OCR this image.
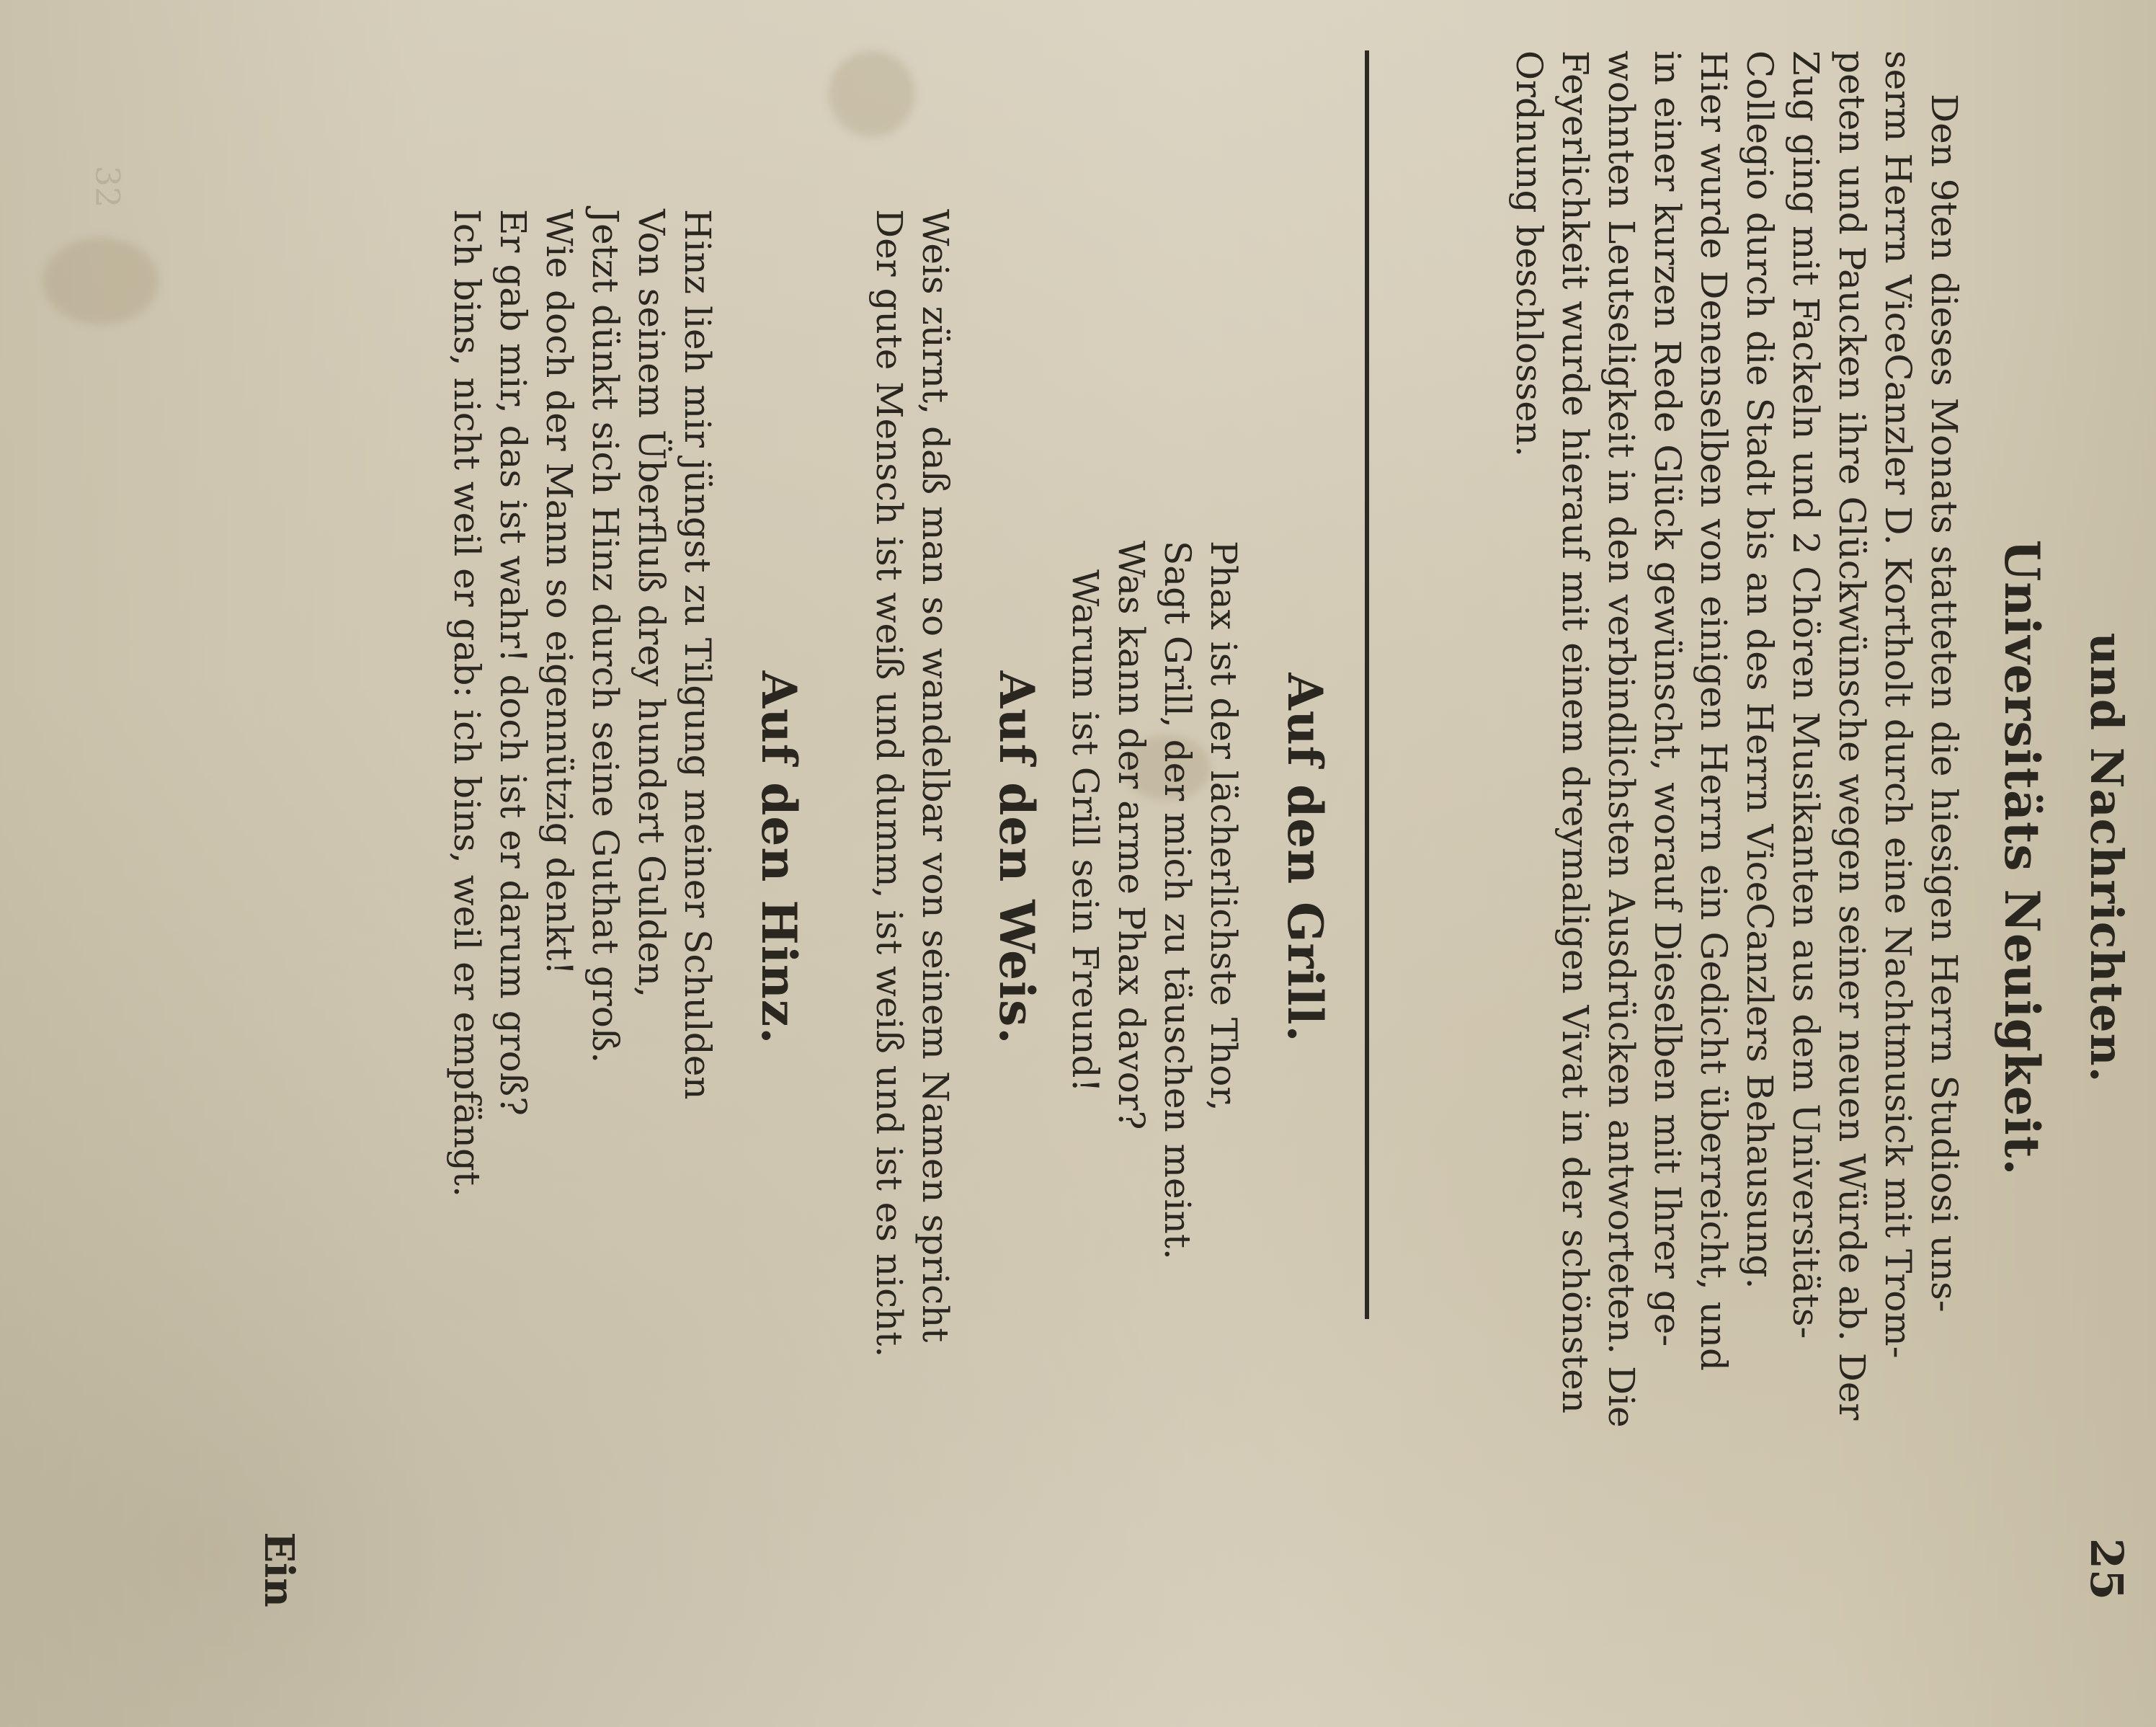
32
und Nachrichten.
25
Universitäts Neuigkeit.
Den 9ten dieses Monats statteten die hiesigen Herrn Studiosi uns-
serm Herrn ViceCanzler D. Kortholt durch eine Nachtmusick mit Trom-
peten und Paucken ihre Glückwünsche wegen seiner neuen Würde ab. Der
Zug ging mit Fackeln und 2 Chören Musikanten aus dem Universitäts-
Collegio durch die Stadt bis an des Herrn ViceCanzlers Behausung.
Hier wurde Denenselben von einigen Herrn ein Gedicht überreicht, und
in einer kurzen Rede Glück gewünscht, worauf Dieselben mit Ihrer ge-
wohnten Leutseligkeit in den verbindlichsten Ausdrücken antworteten. Die
Feyerlichkeit wurde hierauf mit einem dreymaligen Vivat in der schönsten
Ordnung beschlossen.
Auf den Grill.
Phax ist der lächerlichste Thor,
Sagt Grill, der mich zu täuschen meint.
Was kann der arme Phax davor?
Warum ist Grill sein Freund!
Auf den Weis.
Weis zürnt, daß man so wandelbar von seinem Namen spricht
Der gute Mensch ist weiß und dumm, ist weiß und ist es nicht.
Auf den Hinz.
Hinz lieh mir jüngst zu Tilgung meiner Schulden
Von seinem Überfluß drey hundert Gulden,
Jetzt dünkt sich Hinz durch seine Guthat groß.
Wie doch der Mann so eigennützig denkt!
Er gab mir, das ist wahr! doch ist er darum groß?
Ich bins, nicht weil er gab: ich bins, weil er empfängt.
Ein
